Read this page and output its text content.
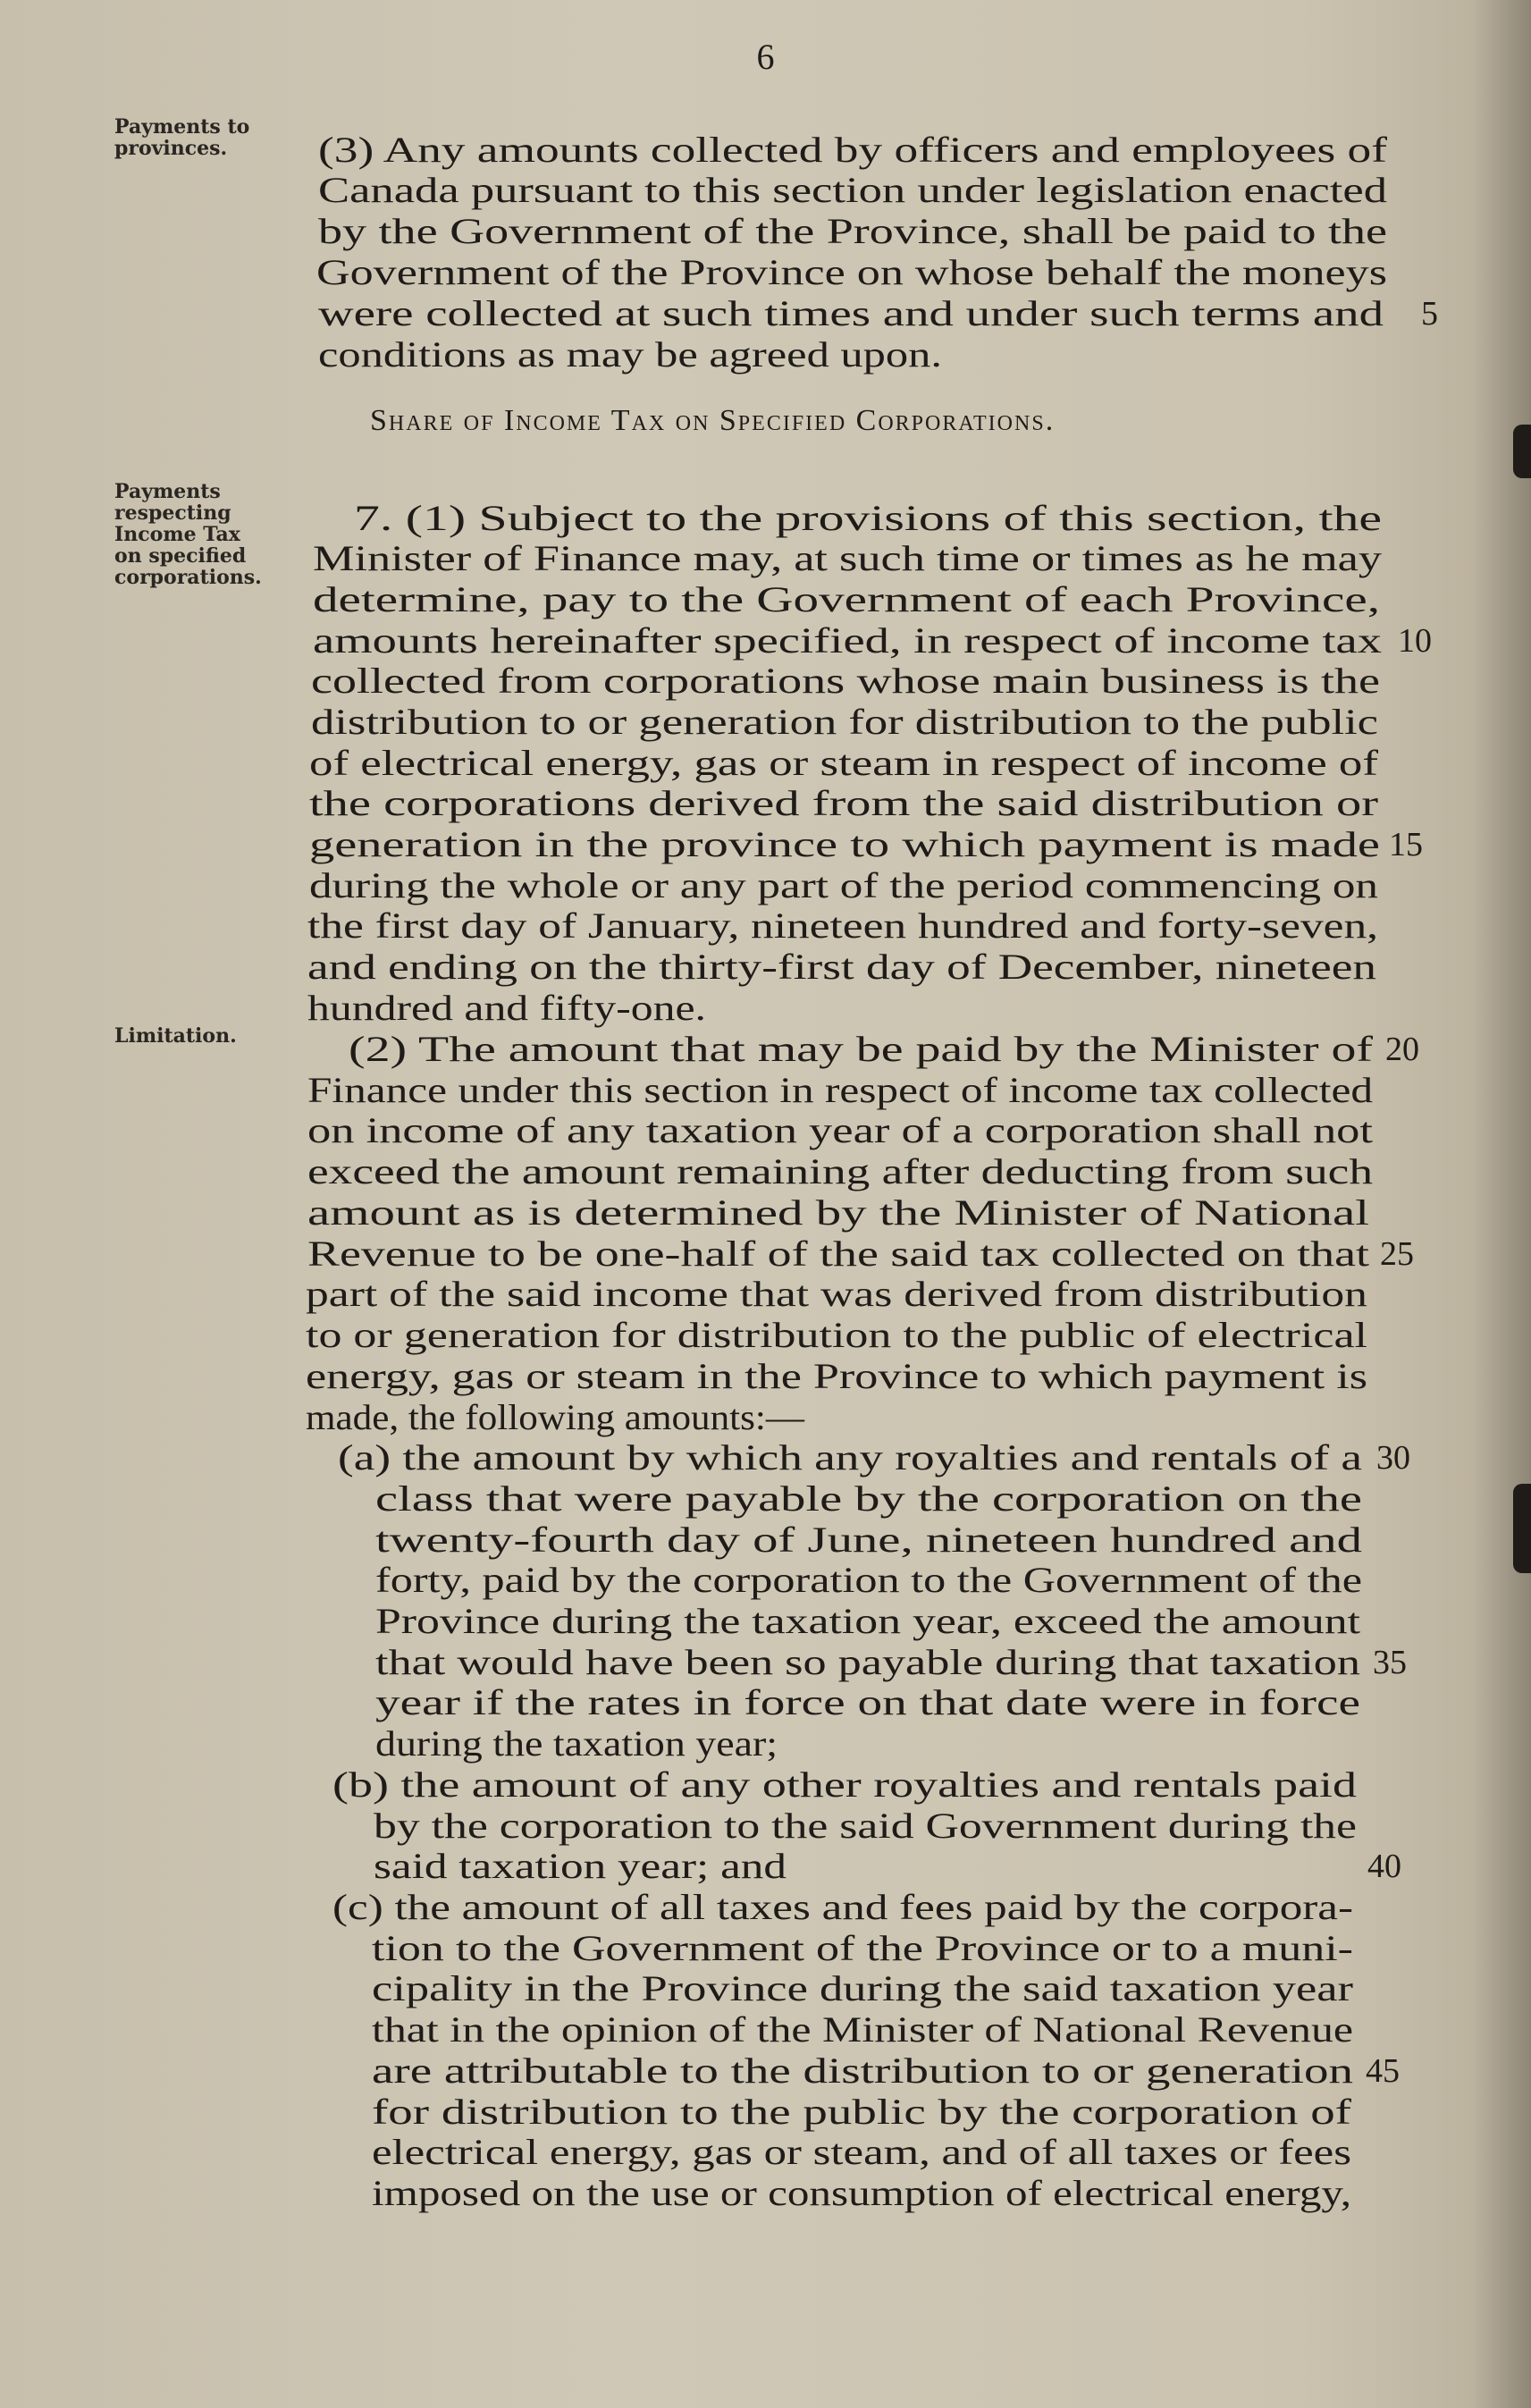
6
Payments to
provinces.
Payments
respecting
Income Tax
on specified
corporations.
Limitation.
Share of Income Tax on Specified Corporations.
(3) Any amounts collected by officers and employees of
Canada pursuant to this section under legislation enacted
by the Government of the Province, shall be paid to the
Government of the Province on whose behalf the moneys
were collected at such times and under such terms and
conditions as may be agreed upon.
7. (1) Subject to the provisions of this section, the
Minister of Finance may, at such time or times as he may
determine, pay to the Government of each Province,
amounts hereinafter specified, in respect of income tax
collected from corporations whose main business is the
distribution to or generation for distribution to the public
of electrical energy, gas or steam in respect of income of
the corporations derived from the said distribution or
generation in the province to which payment is made
during the whole or any part of the period commencing on
the first day of January, nineteen hundred and forty-seven,
and ending on the thirty-first day of December, nineteen
hundred and fifty-one.
(2) The amount that may be paid by the Minister of
Finance under this section in respect of income tax collected
on income of any taxation year of a corporation shall not
exceed the amount remaining after deducting from such
amount as is determined by the Minister of National
Revenue to be one-half of the said tax collected on that
part of the said income that was derived from distribution
to or generation for distribution to the public of electrical
energy, gas or steam in the Province to which payment is
made, the following amounts:—
(a) the amount by which any royalties and rentals of a
class that were payable by the corporation on the
twenty-fourth day of June, nineteen hundred and
forty, paid by the corporation to the Government of the
Province during the taxation year, exceed the amount
that would have been so payable during that taxation
year if the rates in force on that date were in force
during the taxation year;
(b) the amount of any other royalties and rentals paid
by the corporation to the said Government during the
said taxation year; and
(c) the amount of all taxes and fees paid by the corpora-
tion to the Government of the Province or to a muni-
cipality in the Province during the said taxation year
that in the opinion of the Minister of National Revenue
are attributable to the distribution to or generation
for distribution to the public by the corporation of
electrical energy, gas or steam, and of all taxes or fees
imposed on the use or consumption of electrical energy,
5
10
15
20
25
30
35
40
45
